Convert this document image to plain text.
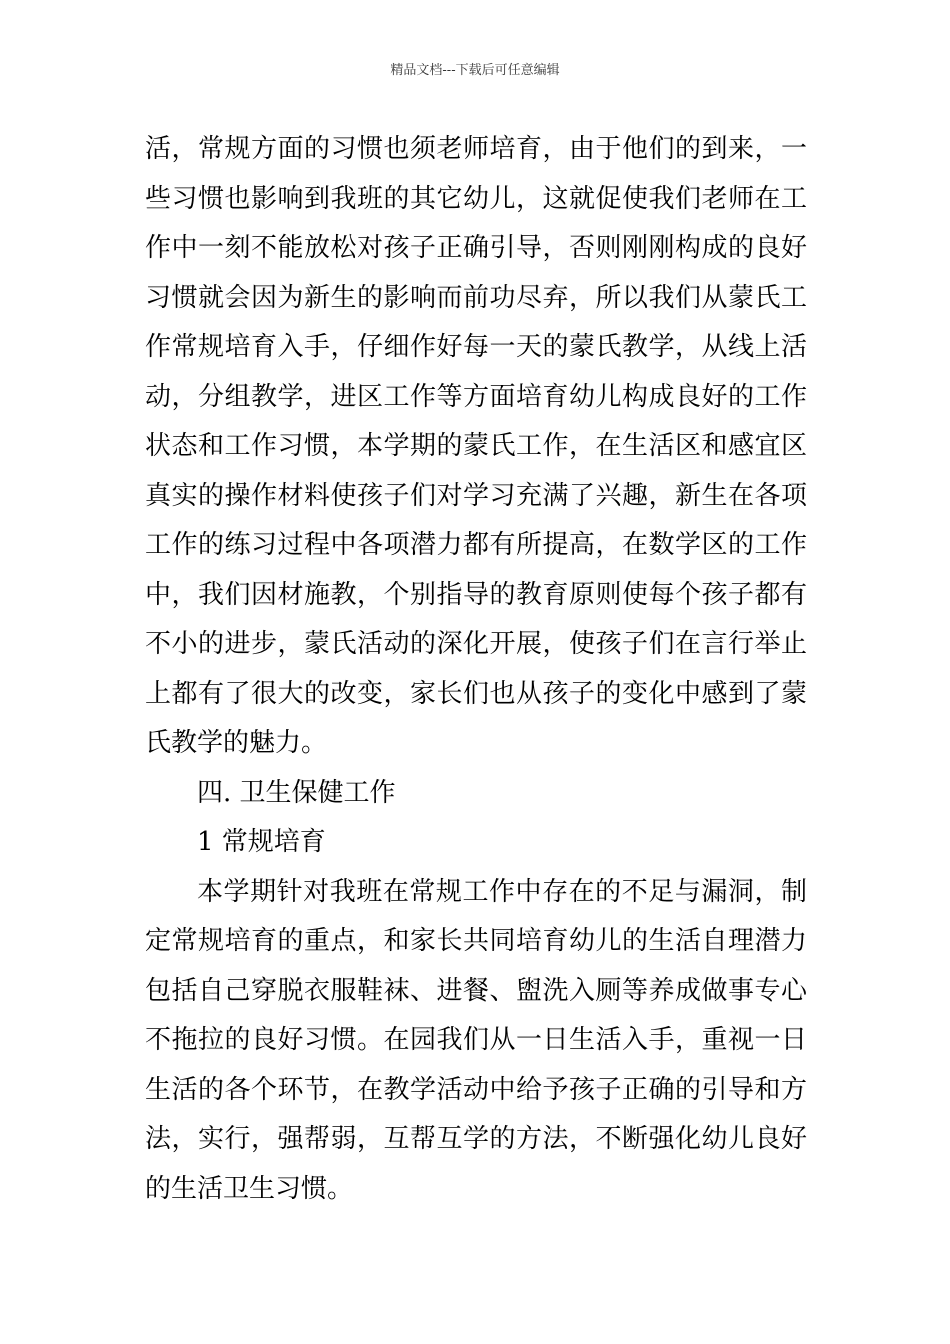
精品文档---下载后可任意编辑
活，常规方面的习惯也须老师培育，由于他们的到来，一
些习惯也影响到我班的其它幼儿，这就促使我们老师在工
作中一刻不能放松对孩子正确引导，否则刚刚构成的良好
习惯就会因为新生的影响而前功尽弃，所以我们从蒙氏工
作常规培育入手，仔细作好每一天的蒙氏教学，从线上活
动，分组教学，进区工作等方面培育幼儿构成良好的工作
状态和工作习惯，本学期的蒙氏工作，在生活区和感宜区
真实的操作材料使孩子们对学习充满了兴趣，新生在各项
工作的练习过程中各项潜力都有所提高，在数学区的工作
中，我们因材施教，个别指导的教育原则使每个孩子都有
不小的进步，蒙氏活动的深化开展，使孩子们在言行举止
上都有了很大的改变，家长们也从孩子的变化中感到了蒙
氏教学的魅力。
四. 卫生保健工作
1 常规培育
本学期针对我班在常规工作中存在的不足与漏洞，制
定常规培育的重点，和家长共同培育幼儿的生活自理潜力
包括自己穿脱衣服鞋袜、进餐、盥洗入厕等养成做事专心
不拖拉的良好习惯。在园我们从一日生活入手，重视一日
生活的各个环节，在教学活动中给予孩子正确的引导和方
法，实行，强帮弱，互帮互学的方法，不断强化幼儿良好
的生活卫生习惯。
